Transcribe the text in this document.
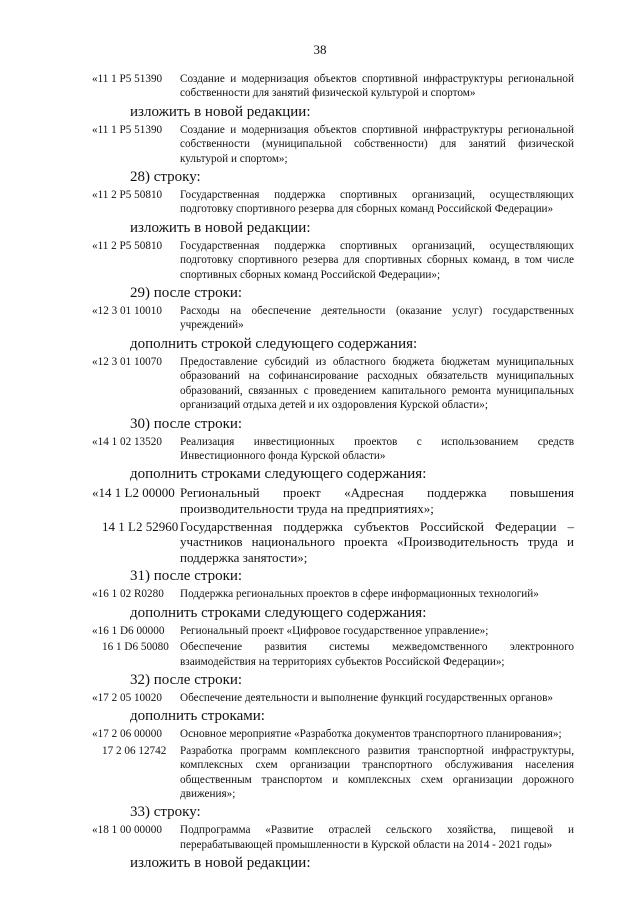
38
«11 1 P5 51390	Создание и модернизация объектов спортивной инфраструктуры региональной собственности для занятий физической культурой и спортом»
изложить в новой редакции:
«11 1 P5 51390	Создание и модернизация объектов спортивной инфраструктуры региональной собственности (муниципальной собственности) для занятий физической культурой и спортом»;
28) строку:
«11 2 P5 50810	Государственная поддержка спортивных организаций, осуществляющих подготовку спортивного резерва для сборных команд Российской Федерации»
изложить в новой редакции:
«11 2 P5 50810	Государственная поддержка спортивных организаций, осуществляющих подготовку спортивного резерва для спортивных сборных команд, в том числе спортивных сборных команд Российской Федерации»;
29) после строки:
«12 3 01 10010	Расходы на обеспечение деятельности (оказание услуг) государственных учреждений»
дополнить строкой следующего содержания:
«12 3 01 10070	Предоставление субсидий из областного бюджета бюджетам муниципальных образований на софинансирование расходных обязательств муниципальных образований, связанных с проведением капитального ремонта муниципальных организаций отдыха детей и их оздоровления Курской области»;
30) после строки:
«14 1 02 13520	Реализация инвестиционных проектов с использованием средств Инвестиционного фонда Курской области»
дополнить строками следующего содержания:
«14 1 L2 00000 Региональный проект «Адресная поддержка повышения производительности труда на предприятиях»;
14 1 L2 52960 Государственная поддержка субъектов Российской Федерации – участников национального проекта «Производительность труда и поддержка занятости»;
31) после строки:
«16 1 02 R0280	Поддержка региональных проектов в сфере информационных технологий»
дополнить строками следующего содержания:
«16 1 D6 00000	Региональный проект «Цифровое государственное управление»;
16 1 D6 50080 Обеспечение развития системы межведомственного электронного взаимодействия на территориях субъектов Российской Федерации»;
32) после строки:
«17 2 05 10020	Обеспечение деятельности и выполнение функций государственных органов»
дополнить строками:
«17 2 06 00000	Основное мероприятие «Разработка документов транспортного планирования»;
17 2 06 12742	Разработка программ комплексного развития транспортной инфраструктуры, комплексных схем организации транспортного обслуживания населения общественным транспортом и комплексных схем организации дорожного движения»;
33) строку:
«18 1 00 00000	Подпрограмма «Развитие отраслей сельского хозяйства, пищевой и перерабатывающей промышленности в Курской области на 2014 - 2021 годы»
изложить в новой редакции:
